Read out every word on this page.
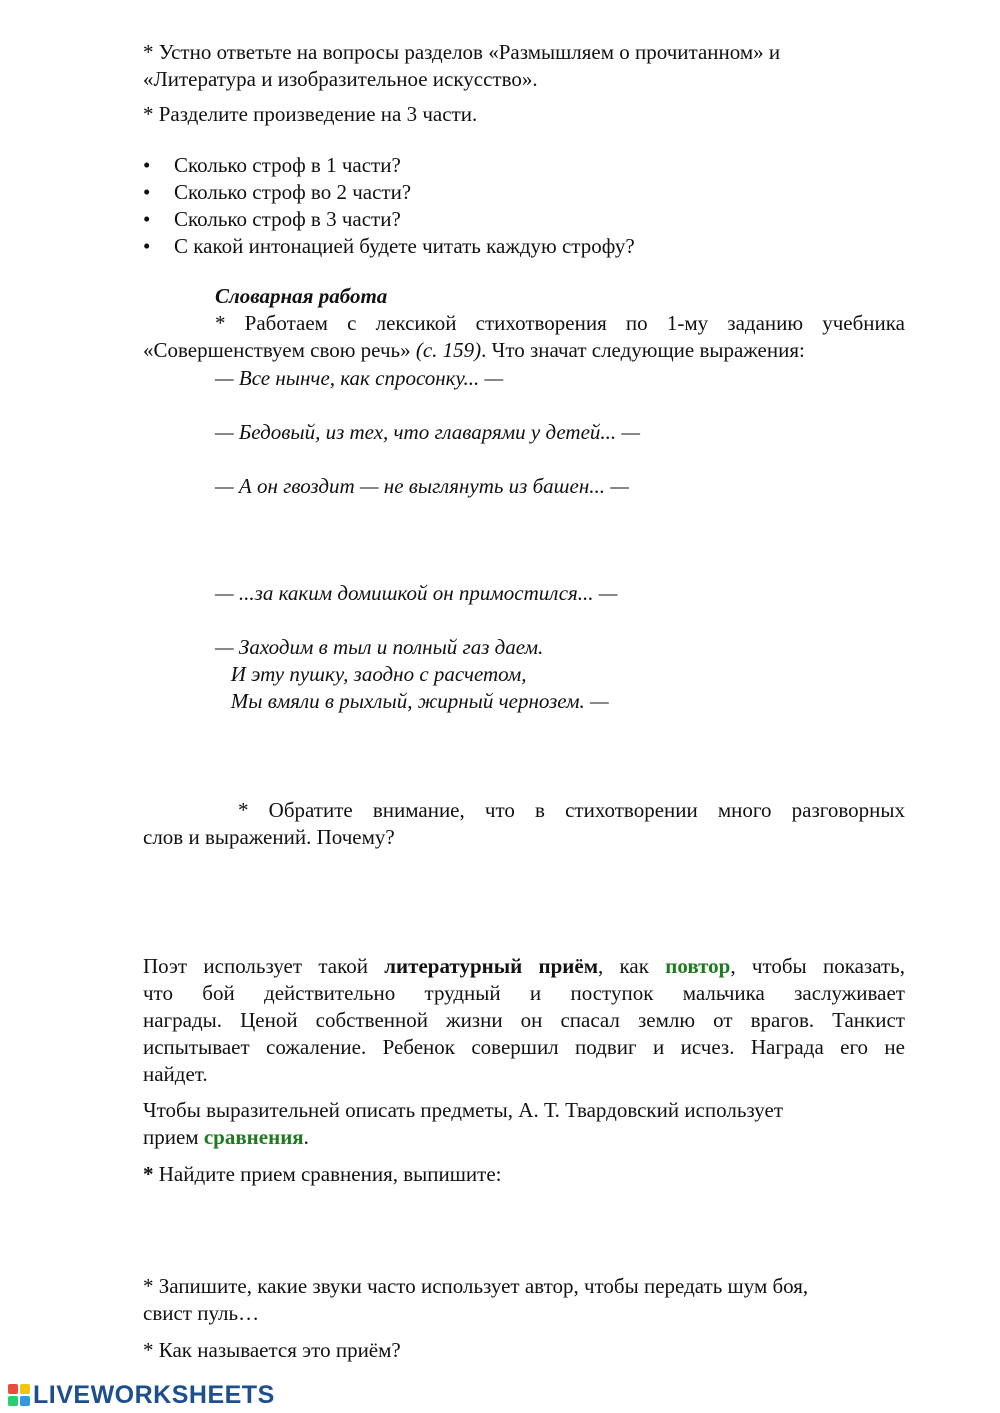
* Устно ответьте на вопросы разделов «Размышляем о прочитанном» и

«Литература и изобразительное искусство».

* Разделите произведение на 3 части.

• Сколько строф в 1 части?
• Сколько строф во 2 части?
• Сколько строф в 3 части?
• С какой интонацией будете читать каждую строфу?

Словарная работа

* Работаем с лексикой стихотворения по 1-му заданию учебника

«Совершенствуем свою речь» (с. 159). Что значат следующие выражения:

— Все нынче, как спросонку... —
— Бедовый, из тех, что главарями у детей... —
— А он гвоздит — не выглянуть из башен... —
— ...за каким домишкой он примостился... —
— Заходим в тыл и полный газ даем.
И эту пушку, заодно с расчетом,
Мы вмяли в рыхлый, жирный чернозем. —

* Обратите внимание, что в стихотворении много разговорных

слов и выражений. Почему?

Поэт использует такой литературный приём, как повтор, чтобы показать,

что бой действительно трудный и поступок мальчика заслуживает

награды. Ценой собственной жизни он спасал землю от врагов. Танкист

испытывает сожаление. Ребенок совершил подвиг и исчез. Награда его не

найдет.

Чтобы выразительней описать предметы, А. Т. Твардовский использует

прием сравнения.

* Найдите прием сравнения, выпишите:

* Запишите, какие звуки часто использует автор, чтобы передать шум боя,

свист пуль…

* Как называется это приём?

LIVEWORKSHEETS
